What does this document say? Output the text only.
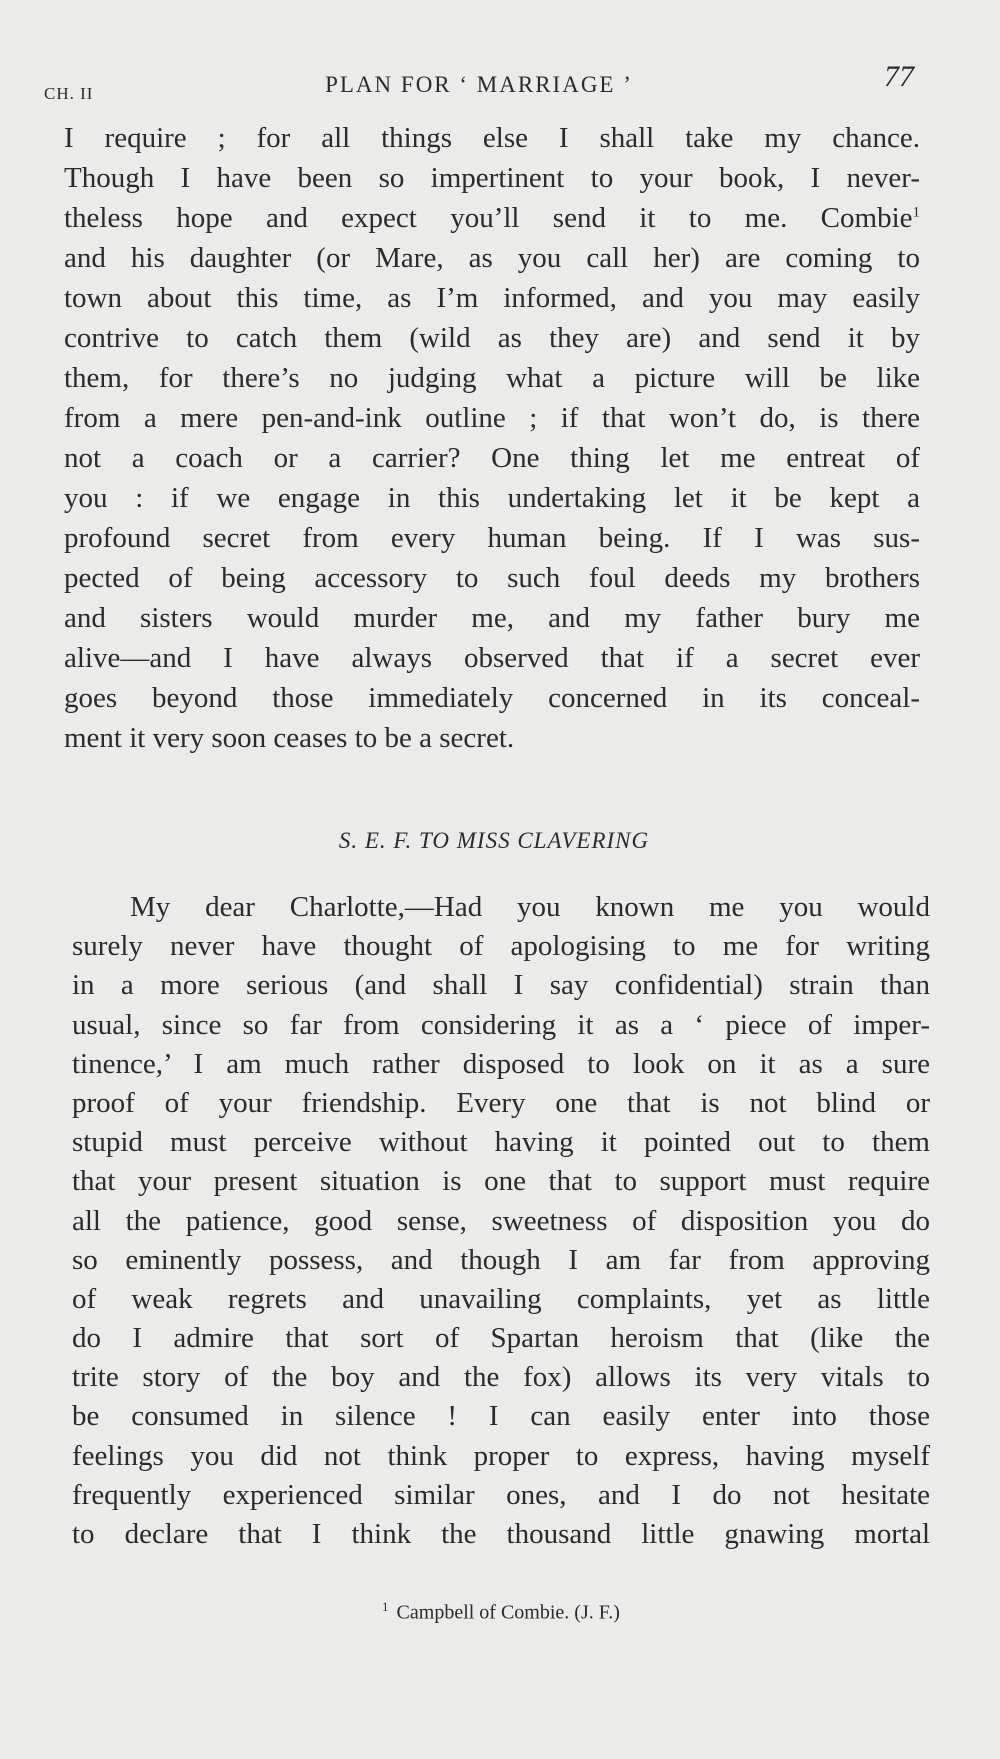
CH. II	PLAN FOR ‘ MARRIAGE ’	77
I require ; for all things else I shall take my chance.
Though I have been so impertinent to your book, I never-
theless hope and expect you’ll send it to me. Combie$^1$
and his daughter (or Mare, as you call her) are coming to
town about this time, as I’m informed, and you may easily
contrive to catch them (wild as they are) and send it by
them, for there’s no judging what a picture will be like
from a mere pen-and-ink outline ; if that won’t do, is there
not a coach or a carrier? One thing let me entreat of
you : if we engage in this undertaking let it be kept a
profound secret from every human being. If I was sus-
pected of being accessory to such foul deeds my brothers
and sisters would murder me, and my father bury me
alive—and I have always observed that if a secret ever
goes beyond those immediately concerned in its conceal-
ment it very soon ceases to be a secret.
S. E. F. TO MISS CLAVERING
My dear Charlotte,—Had you known me you would
surely never have thought of apologising to me for writing
in a more serious (and shall I say confidential) strain than
usual, since so far from considering it as a ‘ piece of imper-
tinence,’ I am much rather disposed to look on it as a sure
proof of your friendship. Every one that is not blind or
stupid must perceive without having it pointed out to them
that your present situation is one that to support must require
all the patience, good sense, sweetness of disposition you do
so eminently possess, and though I am far from approving
of weak regrets and unavailing complaints, yet as little
do I admire that sort of Spartan heroism that (like the
trite story of the boy and the fox) allows its very vitals to
be consumed in silence ! I can easily enter into those
feelings you did not think proper to express, having myself
frequently experienced similar ones, and I do not hesitate
to declare that I think the thousand little gnawing mortal
$^1$ Campbell of Combie. (J. F.)
